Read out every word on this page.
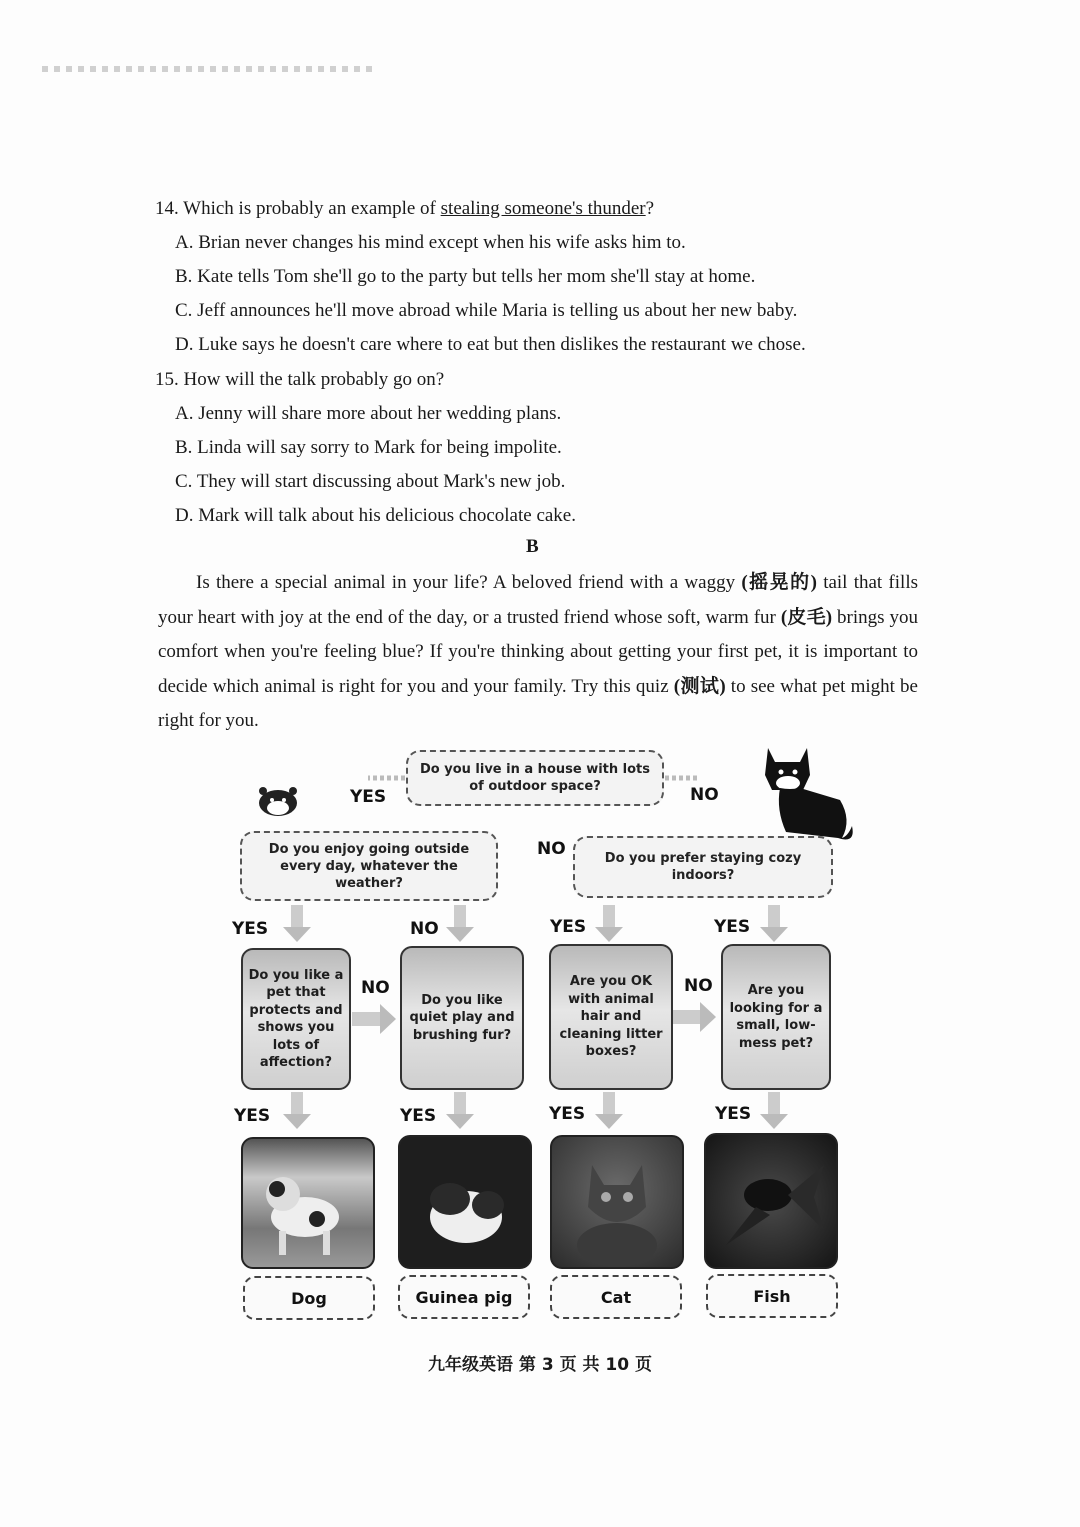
14. Which is probably an example of stealing someone's thunder?
A. Brian never changes his mind except when his wife asks him to.
B. Kate tells Tom she'll go to the party but tells her mom she'll stay at home.
C. Jeff announces he'll move abroad while Maria is telling us about her new baby.
D. Luke says he doesn't care where to eat but then dislikes the restaurant we chose.
15. How will the talk probably go on?
A. Jenny will share more about her wedding plans.
B. Linda will say sorry to Mark for being impolite.
C. They will start discussing about Mark's new job.
D. Mark will talk about his delicious chocolate cake.
B
Is there a special animal in your life? A beloved friend with a waggy (摇晃的) tail that fills your heart with joy at the end of the day, or a trusted friend whose soft, warm fur (皮毛) brings you comfort when you're feeling blue? If you're thinking about getting your first pet, it is important to decide which animal is right for you and your family. Try this quiz (测试) to see what pet might be right for you.
Do you live in a house with lots of outdoor space?
YES	NO
Do you enjoy going outside every day, whatever the weather?
NO	Do you prefer staying cozy indoors?
YES	NO	YES	YES
Do you like a pet that protects and shows you lots of affection?
NO
Do you like quiet play and brushing fur?
Are you OK with animal hair and cleaning litter boxes?
NO	Are you looking for a small, low-mess pet?
YES	YES	YES	YES
Dog	Guinea pig	Cat	Fish
九年级英语 第 3 页 共 10 页
